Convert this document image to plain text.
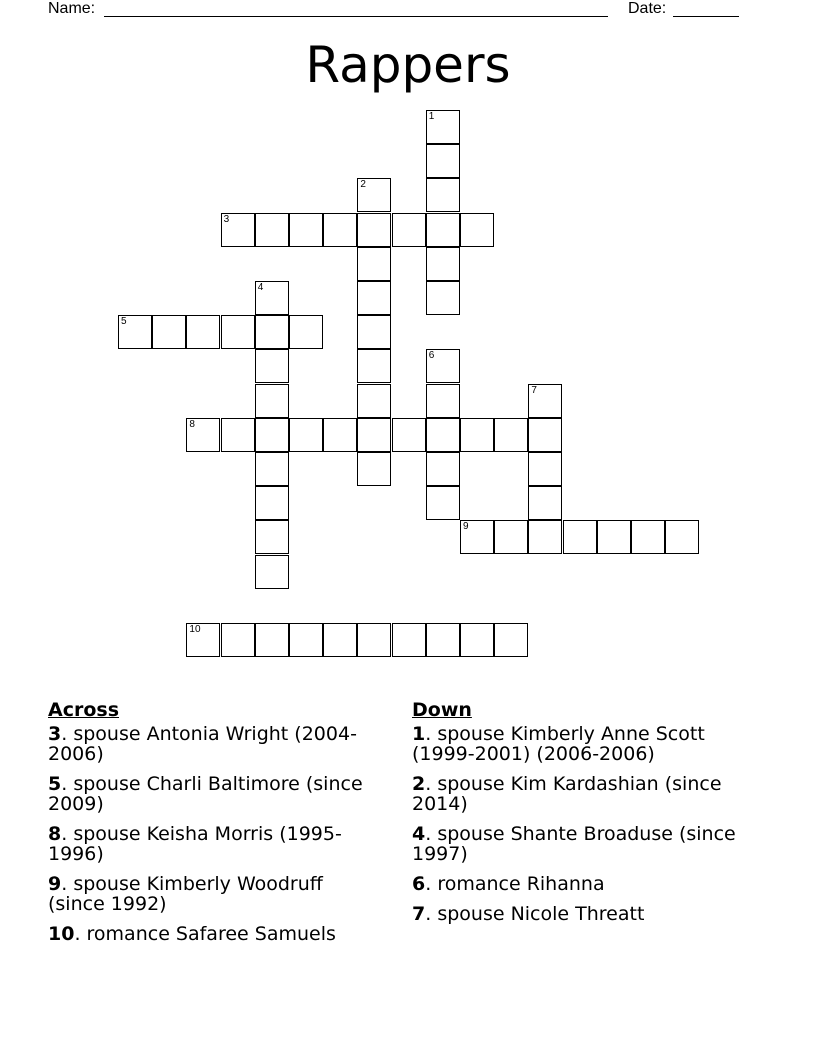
Name:	Date:
Rappers
1
2
3
4
5
6
7
8
9
10
Across
3. spouse Antonia Wright (2004-2006)
5. spouse Charli Baltimore (since 2009)
8. spouse Keisha Morris (1995-1996)
9. spouse Kimberly Woodruff (since 1992)
10. romance Safaree Samuels
Down
1. spouse Kimberly Anne Scott (1999-2001) (2006-2006)
2. spouse Kim Kardashian (since 2014)
4. spouse Shante Broaduse (since 1997)
6. romance Rihanna
7. spouse Nicole Threatt
